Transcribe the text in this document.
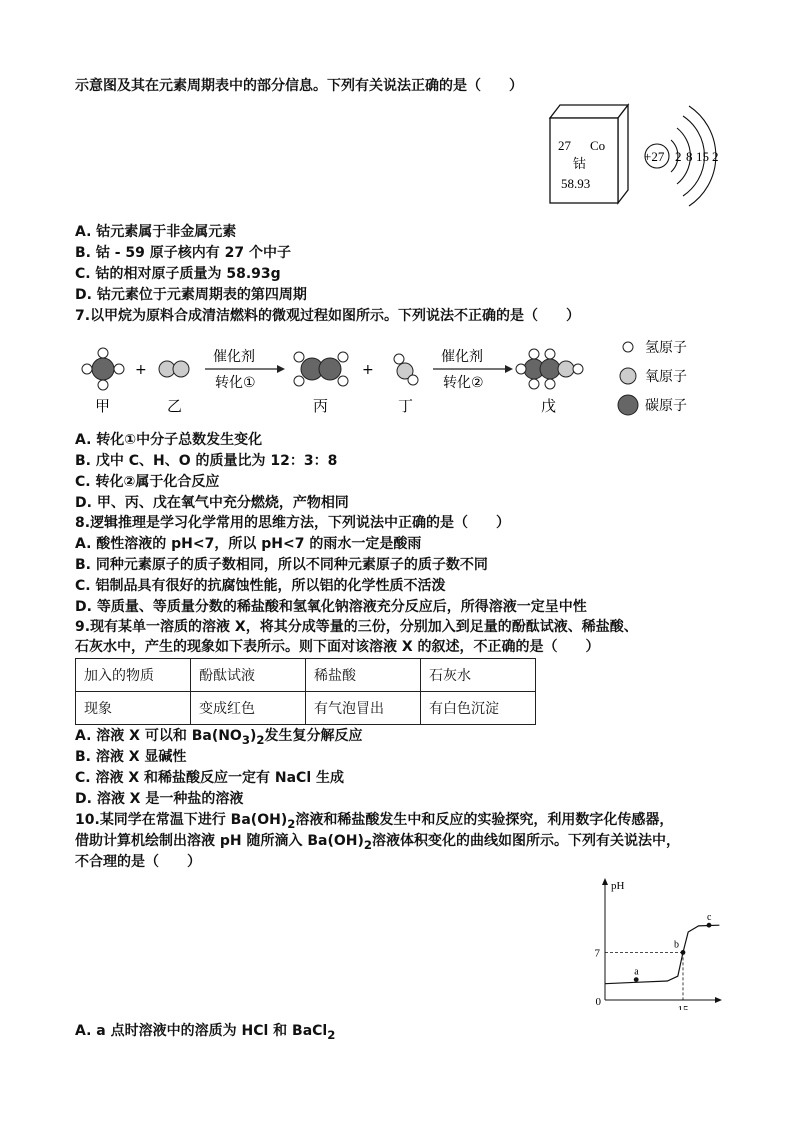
示意图及其在元素周期表中的部分信息。下列有关说法正确的是（　　）
27 Co
钴
58.93
+27 2 8 15 2
A. 钴元素属于非金属元素
B. 钴 - 59 原子核内有 27 个中子
C. 钴的相对原子质量为 58.93g
D. 钴元素位于元素周期表的第四周期
7.以甲烷为原料合成清洁燃料的微观过程如图所示。下列说法不正确的是（　　）
+
催化剂
转化①
+
催化剂
转化②
甲	乙	丙	丁	戊
氢原子
氧原子
碳原子
A. 转化①中分子总数发生变化
B. 戊中 C、H、O 的质量比为 12：3：8
C. 转化②属于化合反应
D. 甲、丙、戊在氧气中充分燃烧，产物相同
8.逻辑推理是学习化学常用的思维方法，下列说法中正确的是（　　）
A. 酸性溶液的 pH<7，所以 pH<7 的雨水一定是酸雨
B. 同种元素原子的质子数相同，所以不同种元素原子的质子数不同
C. 铝制品具有很好的抗腐蚀性能，所以铝的化学性质不活泼
D. 等质量、等质量分数的稀盐酸和氢氧化钠溶液充分反应后，所得溶液一定呈中性
9.现有某单一溶质的溶液 X，将其分成等量的三份，分别加入到足量的酚酞试液、稀盐酸、
石灰水中，产生的现象如下表所示。则下面对该溶液 X 的叙述，不正确的是（　　）
加入的物质	酚酞试液	稀盐酸	石灰水
现象	变成红色	有气泡冒出	有白色沉淀
A. 溶液 X 可以和 $Ba(NO_3)_2$发生复分解反应
B. 溶液 X 显碱性
C. 溶液 X 和稀盐酸反应一定有 NaCl 生成
D. 溶液 X 是一种盐的溶液
10.某同学在常温下进行 $Ba(OH)_2$溶液和稀盐酸发生中和反应的实验探究，利用数字化传感器，
借助计算机绘制出溶液 pH 随所滴入 $Ba(OH)_2$溶液体积变化的曲线如图所示。下列有关说法中，
不合理的是（　　）
pH
0
7
15
a
b
c
A. a 点时溶液中的溶质为 HCl 和 BaCl$_2$
